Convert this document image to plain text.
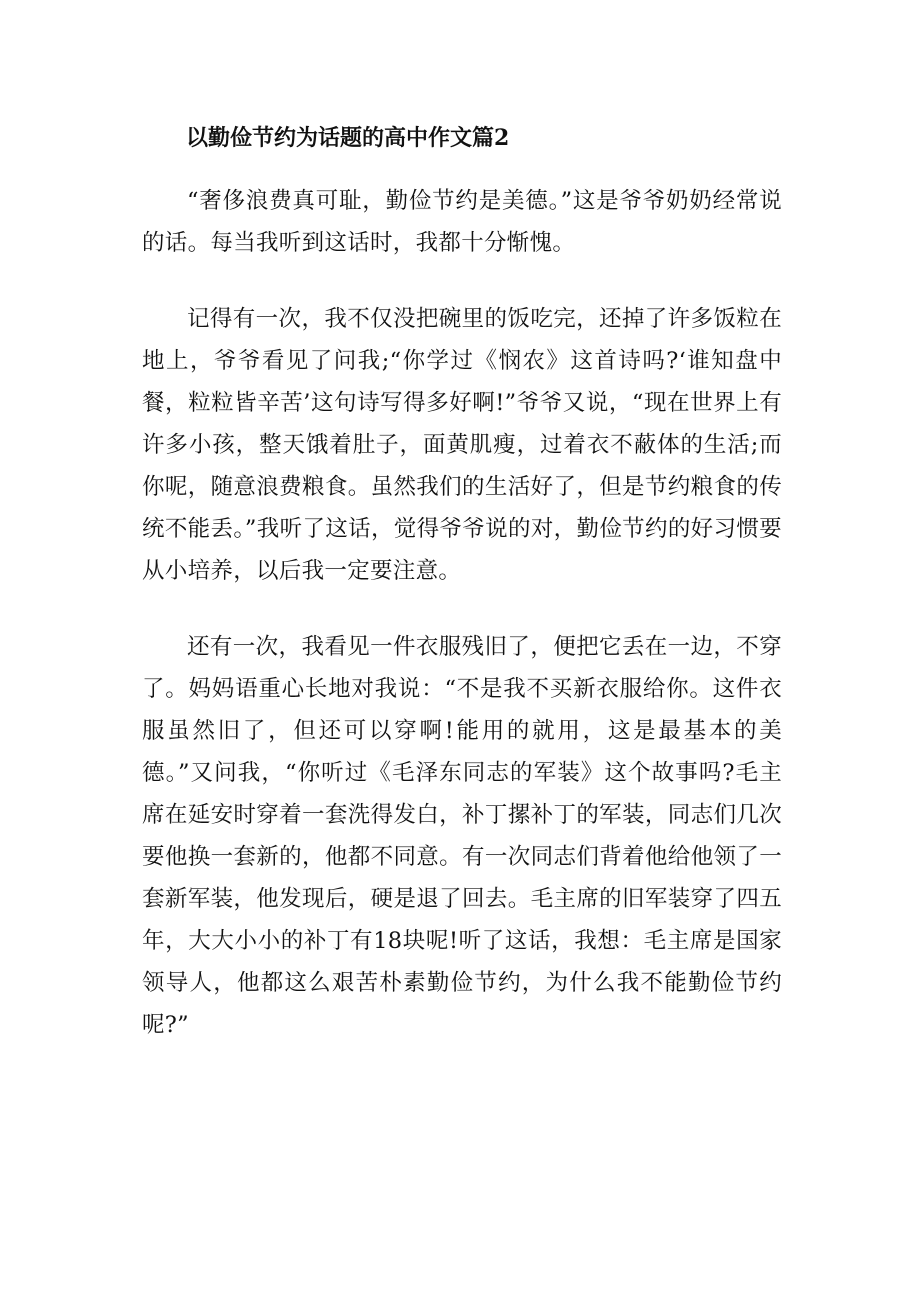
以勤俭节约为话题的高中作文篇2

“奢侈浪费真可耻，勤俭节约是美德。”这是爷爷奶奶经常说的话。每当我听到这话时，我都十分惭愧。

记得有一次，我不仅没把碗里的饭吃完，还掉了许多饭粒在地上，爷爷看见了问我;“你学过《悯农》这首诗吗?‘谁知盘中餐，粒粒皆辛苦’这句诗写得多好啊!”爷爷又说，“现在世界上有许多小孩，整天饿着肚子，面黄肌瘦，过着衣不蔽体的生活;而你呢，随意浪费粮食。虽然我们的生活好了，但是节约粮食的传统不能丢。”我听了这话，觉得爷爷说的对，勤俭节约的好习惯要从小培养，以后我一定要注意。

还有一次，我看见一件衣服残旧了，便把它丢在一边，不穿了。妈妈语重心长地对我说：“不是我不买新衣服给你。这件衣服虽然旧了，但还可以穿啊!能用的就用，这是最基本的美德。”又问我，“你听过《毛泽东同志的军装》这个故事吗?毛主席在延安时穿着一套洗得发白，补丁摞补丁的军装，同志们几次要他换一套新的，他都不同意。有一次同志们背着他给他领了一套新军装，他发现后，硬是退了回去。毛主席的旧军装穿了四五年，大大小小的补丁有18块呢!听了这话，我想：毛主席是国家领导人，他都这么艰苦朴素勤俭节约，为什么我不能勤俭节约呢?”
